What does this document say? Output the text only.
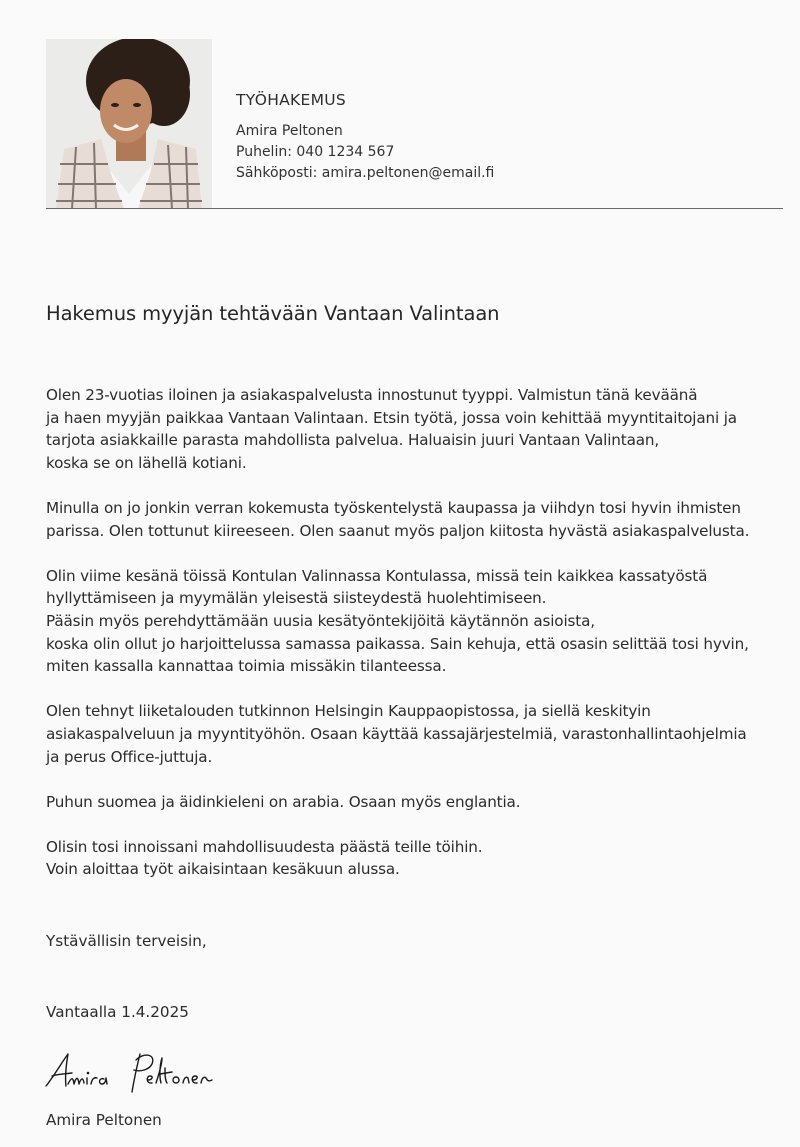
TYÖHAKEMUS
Amira Peltonen
Puhelin: 040 1234 567
Sähköposti: amira.peltonen@email.fi
Hakemus myyjän tehtävään Vantaan Valintaan
Olen 23-vuotias iloinen ja asiakaspalvelusta innostunut tyyppi. Valmistun tänä keväänä
ja haen myyjän paikkaa Vantaan Valintaan. Etsin työtä, jossa voin kehittää myyntitaitojani ja
tarjota asiakkaille parasta mahdollista palvelua. Haluaisin juuri Vantaan Valintaan,
koska se on lähellä kotiani.
Minulla on jo jonkin verran kokemusta työskentelystä kaupassa ja viihdyn tosi hyvin ihmisten
parissa. Olen tottunut kiireeseen. Olen saanut myös paljon kiitosta hyvästä asiakaspalvelusta.
Olin viime kesänä töissä Kontulan Valinnassa Kontulassa, missä tein kaikkea kassatyöstä
hyllyttämiseen ja myymälän yleisestä siisteydestä huolehtimiseen.
Pääsin myös perehdyttämään uusia kesätyöntekijöitä käytännön asioista,
koska olin ollut jo harjoittelussa samassa paikassa. Sain kehuja, että osasin selittää tosi hyvin,
miten kassalla kannattaa toimia missäkin tilanteessa.
Olen tehnyt liiketalouden tutkinnon Helsingin Kauppaopistossa, ja siellä keskityin
asiakaspalveluun ja myyntityöhön. Osaan käyttää kassajärjestelmiä, varastonhallintaohjelmia
ja perus Office-juttuja.
Puhun suomea ja äidinkieleni on arabia. Osaan myös englantia.
Olisin tosi innoissani mahdollisuudesta päästä teille töihin.
Voin aloittaa työt aikaisintaan kesäkuun alussa.
Ystävällisin terveisin,
Vantaalla 1.4.2025
Amira Peltonen
